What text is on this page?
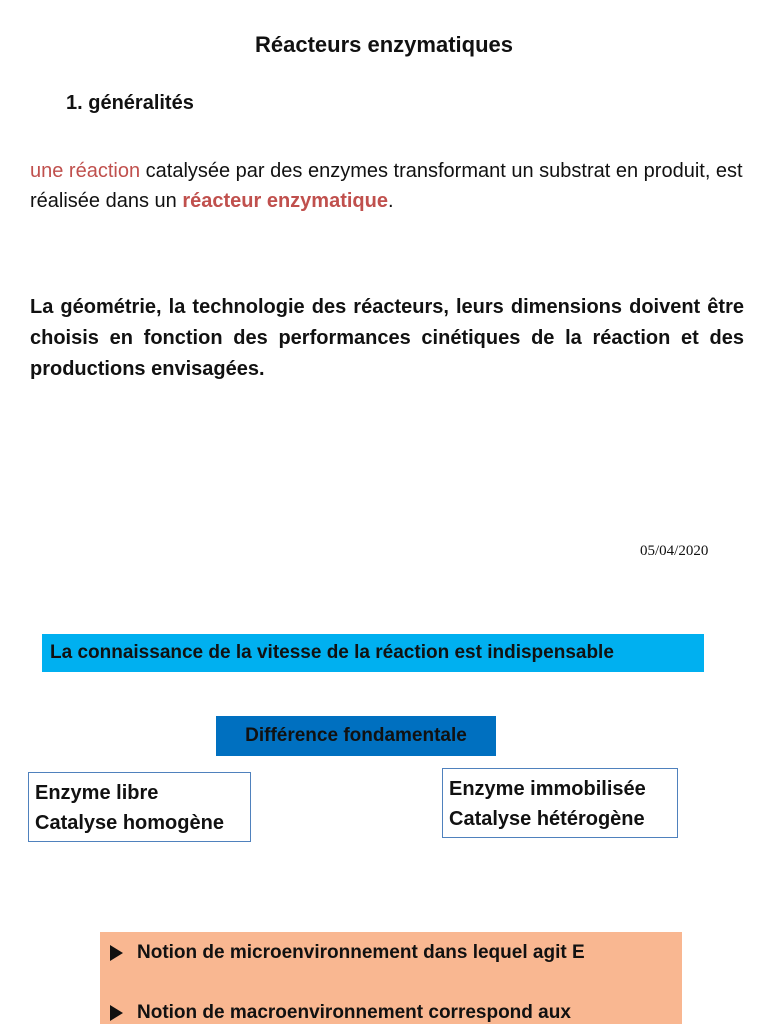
Réacteurs enzymatiques
1. généralités
une réaction catalysée par des enzymes transformant un substrat en produit, est réalisée dans un réacteur enzymatique.
La géométrie, la technologie des réacteurs, leurs dimensions doivent être choisis en fonction des performances cinétiques de la réaction et des productions envisagées.
05/04/2020
La connaissance de la vitesse de la réaction est indispensable
Différence fondamentale
Enzyme libre
Catalyse homogène
Enzyme immobilisée
Catalyse hétérogène
Notion de microenvironnement dans lequel agit E
Notion de macroenvironnement correspond aux
